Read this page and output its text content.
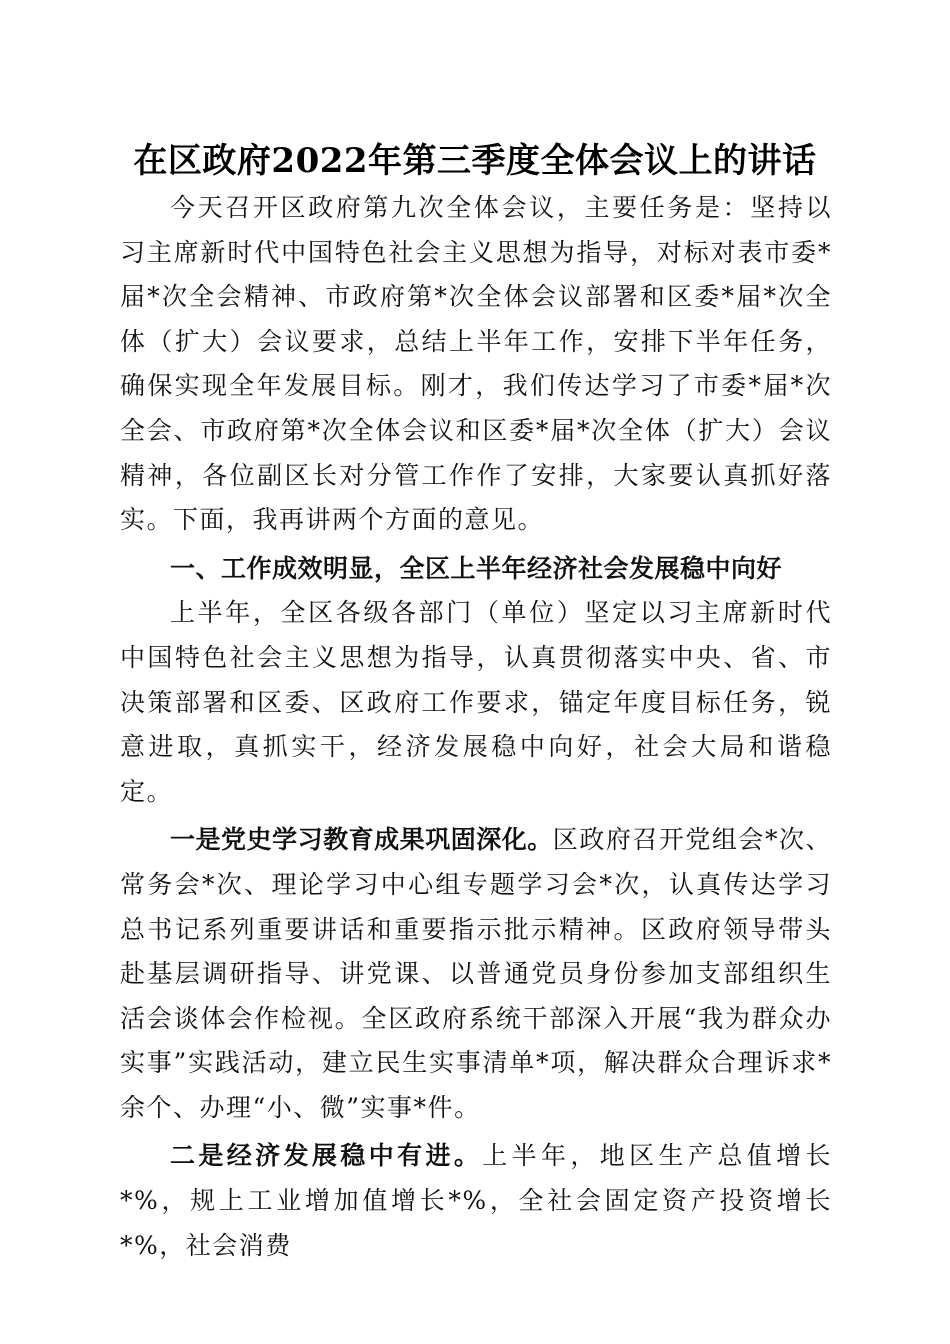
在区政府2022年第三季度全体会议上的讲话

今天召开区政府第九次全体会议，主要任务是：坚持以习主席新时代中国特色社会主义思想为指导，对标对表市委*届*次全会精神、市政府第*次全体会议部署和区委*届*次全体（扩大）会议要求，总结上半年工作，安排下半年任务，确保实现全年发展目标。刚才，我们传达学习了市委*届*次全会、市政府第*次全体会议和区委*届*次全体（扩大）会议精神，各位副区长对分管工作作了安排，大家要认真抓好落实。下面，我再讲两个方面的意见。

一、工作成效明显，全区上半年经济社会发展稳中向好

上半年，全区各级各部门（单位）坚定以习主席新时代中国特色社会主义思想为指导，认真贯彻落实中央、省、市决策部署和区委、区政府工作要求，锚定年度目标任务，锐意进取，真抓实干，经济发展稳中向好，社会大局和谐稳定。

一是党史学习教育成果巩固深化。区政府召开党组会*次、常务会*次、理论学习中心组专题学习会*次，认真传达学习总书记系列重要讲话和重要指示批示精神。区政府领导带头赴基层调研指导、讲党课、以普通党员身份参加支部组织生活会谈体会作检视。全区政府系统干部深入开展“我为群众办实事”实践活动，建立民生实事清单*项，解决群众合理诉求*余个、办理“小、微”实事*件。

二是经济发展稳中有进。上半年，地区生产总值增长*%，规上工业增加值增长*%，全社会固定资产投资增长*%，社会消费
